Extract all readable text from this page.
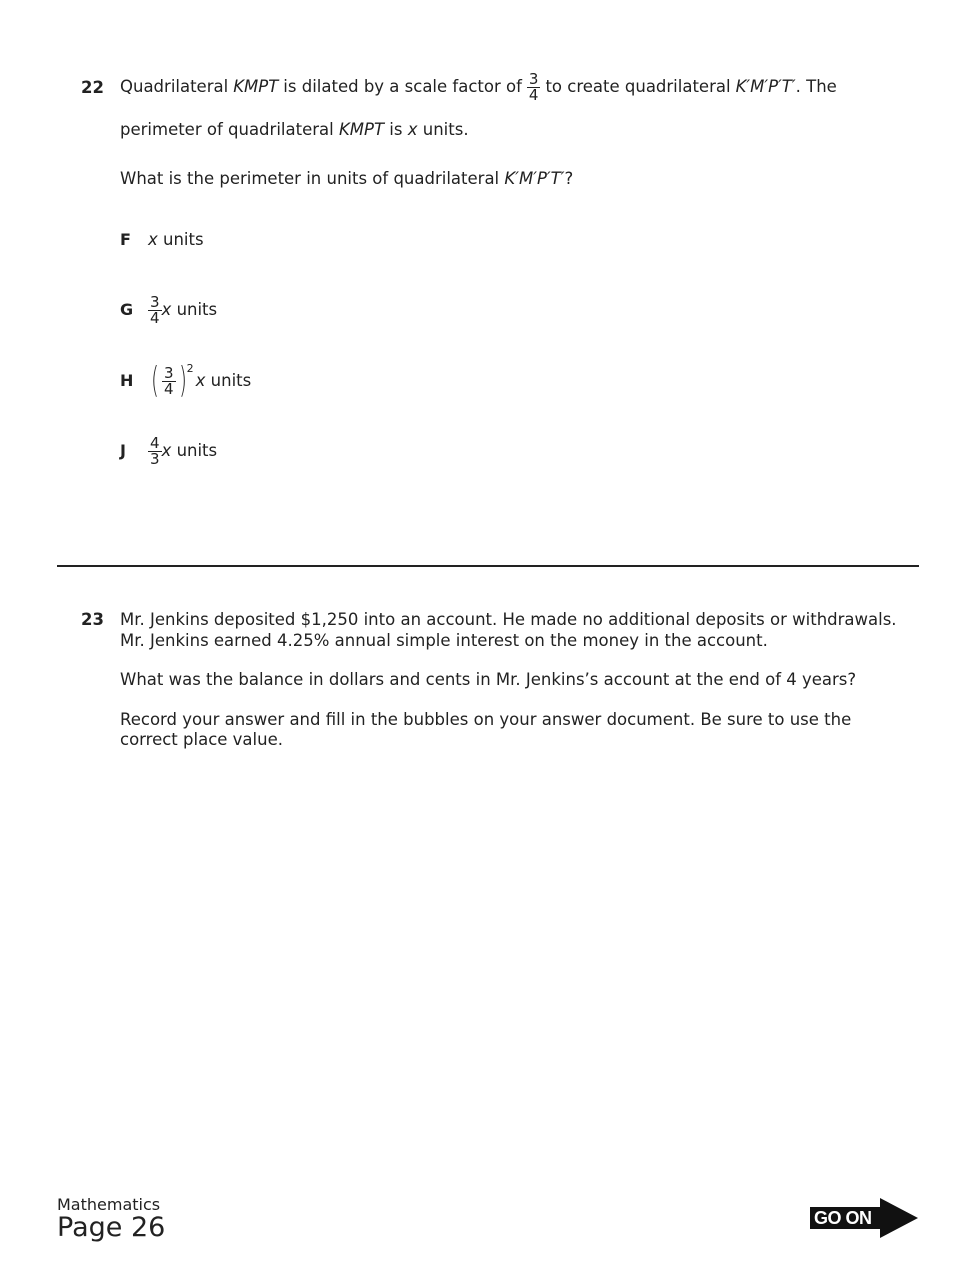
22 Quadrilateral KMPT is dilated by a scale factor of $\frac{3}{4}$ to create quadrilateral K′M′P′T′. The
perimeter of quadrilateral KMPT is x units.
What is the perimeter in units of quadrilateral K′M′P′T′?
F	x
units
G $\frac{3}{4}$ x
units
H ( $\frac{3}{4}$ ) 2
x
units
J	$\frac{4}{3}$ x
units
23 Mr. Jenkins deposited $1,250 into an account. He made no additional deposits or withdrawals.
Mr. Jenkins earned 4.25% annual simple interest on the money in the account.
What was the balance in dollars and cents in Mr. Jenkins’s account at the end of 4 years?
Record your answer and fill in the bubbles on your answer document. Be sure to use the
correct place value.
Mathematics
Page 26	GO ON
